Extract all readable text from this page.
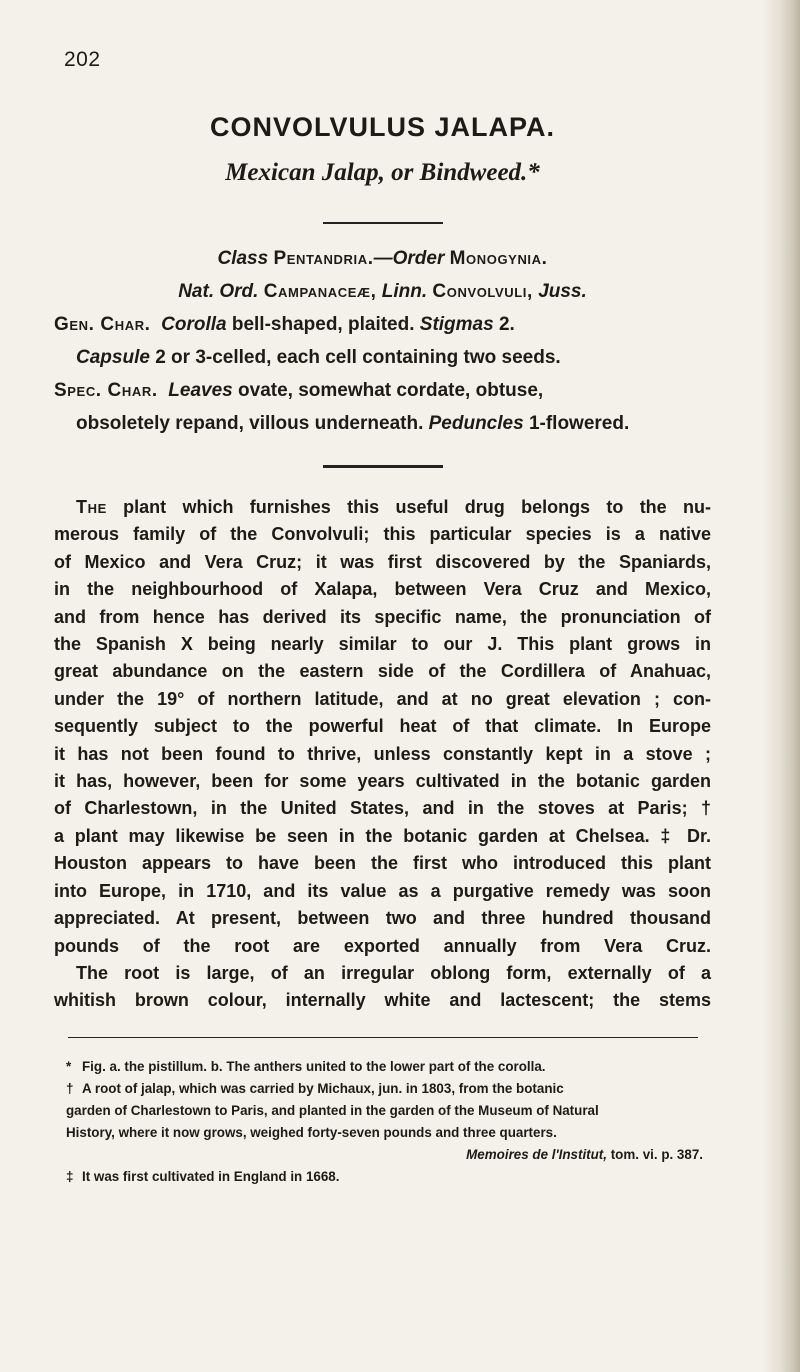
202
CONVOLVULUS JALAPA.

Mexican Jalap, or Bindweed.*

Class Pentandria.—Order Monogynia.

Nat. Ord. Campanaceæ, Linn. Convolvuli, Juss.

Gen. Char. Corolla bell-shaped, plaited. Stigmas 2.

Capsule 2 or 3-celled, each cell containing two seeds.

Spec. Char. Leaves ovate, somewhat cordate, obtuse,

obsoletely repand, villous underneath. Peduncles 1-flowered.

The plant which furnishes this useful drug belongs to the nu-

merous family of the Convolvuli; this particular species is a native

of Mexico and Vera Cruz; it was first discovered by the Spaniards,

in the neighbourhood of Xalapa, between Vera Cruz and Mexico,

and from hence has derived its specific name, the pronunciation of

the Spanish X being nearly similar to our J. This plant grows in

great abundance on the eastern side of the Cordillera of Anahuac,

under the 19° of northern latitude, and at no great elevation ; con-

sequently subject to the powerful heat of that climate. In Europe

it has not been found to thrive, unless constantly kept in a stove ;

it has, however, been for some years cultivated in the botanic garden

of Charlestown, in the United States, and in the stoves at Paris; †

a plant may likewise be seen in the botanic garden at Chelsea. ‡ Dr.

Houston appears to have been the first who introduced this plant

into Europe, in 1710, and its value as a purgative remedy was soon

appreciated. At present, between two and three hundred thousand

pounds of the root are exported annually from Vera Cruz.

The root is large, of an irregular oblong form, externally of a

whitish brown colour, internally white and lactescent; the stems

* Fig. a. the pistillum. b. The anthers united to the lower part of the corolla.

† A root of jalap, which was carried by Michaux, jun. in 1803, from the botanic

garden of Charlestown to Paris, and planted in the garden of the Museum of Natural

History, where it now grows, weighed forty-seven pounds and three quarters.

Memoires de l'Institut, tom. vi. p. 387.

‡ It was first cultivated in England in 1668.
